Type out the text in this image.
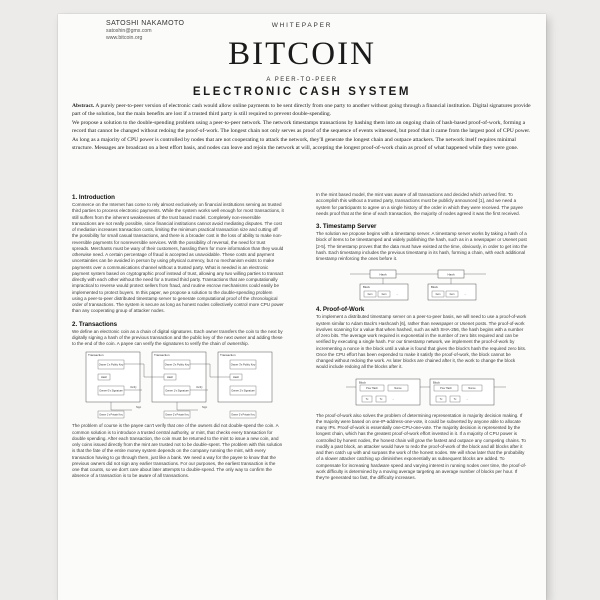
SATOSHI NAKAMOTO
satoshin@gmx.com
www.bitcoin.org
WHITEPAPER
BITCOIN
A PEER-TO-PEER
ELECTRONIC CASH SYSTEM

Abstract. A purely peer-to-peer version of electronic cash would allow online payments to be sent directly from one party to another without going through a financial institution. Digital signatures provide part of the solution, but the main benefits are lost if a trusted third party is still required to prevent double-spending.

We propose a solution to the double-spending problem using a peer-to-peer network. The network timestamps transactions by hashing them into an ongoing chain of hash-based proof-of-work, forming a record that cannot be changed without redoing the proof-of-work. The longest chain not only serves as proof of the sequence of events witnessed, but proof that it came from the largest pool of CPU power. As long as a majority of CPU power is controlled by nodes that are not cooperating to attack the network, they'll generate the longest chain and outpace attackers. The network itself requires minimal structure. Messages are broadcast on a best effort basis, and nodes can leave and rejoin the network at will, accepting the longest proof-of-work chain as proof of what happened while they were gone.

1. Introduction

Commerce on the Internet has come to rely almost exclusively on financial institutions serving as trusted third parties to process electronic payments. While the system works well enough for most transactions, it still suffers from the inherent weaknesses of the trust based model. Completely non-reversible transactions are not really possible, since financial institutions cannot avoid mediating disputes. The cost of mediation increases transaction costs, limiting the minimum practical transaction size and cutting off the possibility for small casual transactions, and there is a broader cost in the loss of ability to make non-reversible payments for nonreversible services. With the possibility of reversal, the need for trust spreads. Merchants must be wary of their customers, hassling them for more information than they would otherwise need. A certain percentage of fraud is accepted as unavoidable. These costs and payment uncertainties can be avoided in person by using physical currency, but no mechanism exists to make payments over a communications channel without a trusted party. What is needed is an electronic payment system based on cryptographic proof instead of trust, allowing any two willing parties to transact directly with each other without the need for a trusted third party. Transactions that are computationally impractical to reverse would protect sellers from fraud, and routine escrow mechanisms could easily be implemented to protect buyers. In this paper, we propose a solution to the double-spending problem using a peer-to-peer distributed timestamp server to generate computational proof of the chronological order of transactions. The system is secure as long as honest nodes collectively control more CPU power than any cooperating group of attacker nodes.

2. Transactions

We define an electronic coin as a chain of digital signatures. Each owner transfers the coin to the next by digitally signing a hash of the previous transaction and the public key of the next owner and adding these to the end of the coin. A payee can verify the signatures to verify the chain of ownership.

Transaction
Owner 1's Public Key
Hash
Owner 0's Signature
Transaction
Owner 2's Public Key
Hash
Owner 1's Signature
Transaction
Owner 3's Public Key
Hash
Owner 2's Signature
Verify	Verify
Sign	Sign
Owner 1's Private Key	Owner 2's Private Key	Owner 3's Private Key

The problem of course is the payee can't verify that one of the owners did not double-spend the coin. A common solution is to introduce a trusted central authority, or mint, that checks every transaction for double spending. After each transaction, the coin must be returned to the mint to issue a new coin, and only coins issued directly from the mint are trusted not to be double-spent. The problem with this solution is that the fate of the entire money system depends on the company running the mint, with every transaction having to go through them, just like a bank. We need a way for the payee to know that the previous owners did not sign any earlier transactions. For our purposes, the earliest transaction is the one that counts, so we don't care about later attempts to double-spend. The only way to confirm the absence of a transaction is to be aware of all transactions.

In the mint based model, the mint was aware of all transactions and decided which arrived first. To accomplish this without a trusted party, transactions must be publicly announced [1], and we need a system for participants to agree on a single history of the order in which they were received. The payee needs proof that at the time of each transaction, the majority of nodes agreed it was the first received.

3. Timestamp Server

The solution we propose begins with a timestamp server. A timestamp server works by taking a hash of a block of items to be timestamped and widely publishing the hash, such as in a newspaper or Usenet post [2-5]. The timestamp proves that the data must have existed at the time, obviously, in order to get into the hash. Each timestamp includes the previous timestamp in its hash, forming a chain, with each additional timestamp reinforcing the ones before it.

Hash	Hash
Block
Item	Item	...
Block
Item	Item	...
4. Proof-of-Work

To implement a distributed timestamp server on a peer-to-peer basis, we will need to use a proof-of-work system similar to Adam Back's Hashcash [6], rather than newspaper or Usenet posts. The proof-of-work involves scanning for a value that when hashed, such as with SHA-256, the hash begins with a number of zero bits. The average work required is exponential in the number of zero bits required and can be verified by executing a single hash. For our timestamp network, we implement the proof-of-work by incrementing a nonce in the block until a value is found that gives the block's hash the required zero bits. Once the CPU effort has been expended to make it satisfy the proof-of-work, the block cannot be changed without redoing the work. As later blocks are chained after it, the work to change the block would include redoing all the blocks after it.

Block
Prev Hash	Nonce
Tx	Tx	...
Block
Prev Hash	Nonce
Tx	Tx	...

The proof-of-work also solves the problem of determining representation in majority decision making. If the majority were based on one-IP-address-one-vote, it could be subverted by anyone able to allocate many IPs. Proof-of-work is essentially one-CPU-one-vote. The majority decision is represented by the longest chain, which has the greatest proof-of-work effort invested in it. If a majority of CPU power is controlled by honest nodes, the honest chain will grow the fastest and outpace any competing chains. To modify a past block, an attacker would have to redo the proof-of-work of the block and all blocks after it and then catch up with and surpass the work of the honest nodes. We will show later that the probability of a slower attacker catching up diminishes exponentially as subsequent blocks are added. To compensate for increasing hardware speed and varying interest in running nodes over time, the proof-of-work difficulty is determined by a moving average targeting an average number of blocks per hour. If they're generated too fast, the difficulty increases.
